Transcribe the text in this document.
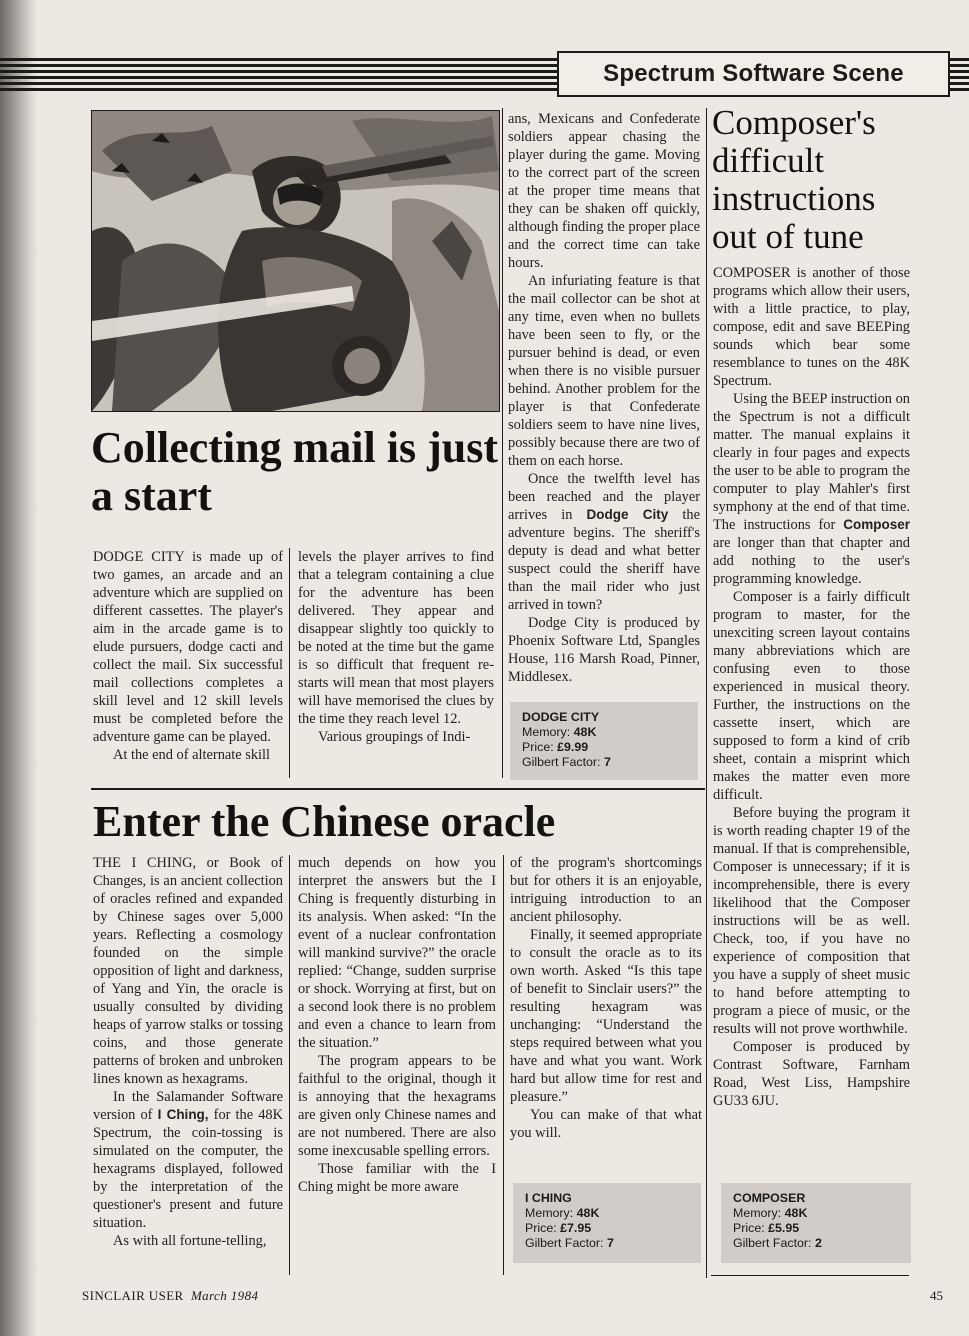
Spectrum Software Scene
Collecting mail is just a start

DODGE CITY is made up of two games, an arcade and an adventure which are supplied on different cassettes. The player's aim in the arcade game is to elude pursuers, dodge cacti and collect the mail. Six successful mail collections completes a skill level and 12 skill levels must be completed before the adventure game can be played.

At the end of alternate skill

levels the player arrives to find that a telegram containing a clue for the adventure has been delivered. They appear and disappear slightly too quickly to be noted at the time but the game is so difficult that frequent re-starts will mean that most players will have memorised the clues by the time they reach level 12.

Various groupings of Indi-

ans, Mexicans and Confederate soldiers appear chasing the player during the game. Moving to the correct part of the screen at the proper time means that they can be shaken off quickly, although finding the proper place and the correct time can take hours.

An infuriating feature is that the mail collector can be shot at any time, even when no bullets have been seen to fly, or the pursuer behind is dead, or even when there is no visible pursuer behind. Another problem for the player is that Confederate soldiers seem to have nine lives, possibly because there are two of them on each horse.

Once the twelfth level has been reached and the player arrives in Dodge City the adventure begins. The sheriff's deputy is dead and what better suspect could the sheriff have than the mail rider who just arrived in town?

Dodge City is produced by Phoenix Software Ltd, Spangles House, 116 Marsh Road, Pinner, Middlesex.

DODGE CITY
Memory: 48K
Price: £9.99
Gilbert Factor: 7
Composer's difficult instructions out of tune

COMPOSER is another of those programs which allow their users, with a little practice, to play, compose, edit and save BEEPing sounds which bear some resemblance to tunes on the 48K Spectrum.

Using the BEEP instruction on the Spectrum is not a difficult matter. The manual explains it clearly in four pages and expects the user to be able to program the computer to play Mahler's first symphony at the end of that time. The instructions for Composer are longer than that chapter and add nothing to the user's programming knowledge.

Composer is a fairly difficult program to master, for the unexciting screen layout contains many abbreviations which are confusing even to those experienced in musical theory. Further, the instructions on the cassette insert, which are supposed to form a kind of crib sheet, contain a misprint which makes the matter even more difficult.

Before buying the program it is worth reading chapter 19 of the manual. If that is comprehensible, Composer is unnecessary; if it is incomprehensible, there is every likelihood that the Composer instructions will be as well. Check, too, if you have no experience of composition that you have a supply of sheet music to hand before attempting to program a piece of music, or the results will not prove worthwhile.

Composer is produced by Contrast Software, Farnham Road, West Liss, Hampshire GU33 6JU.

COMPOSER
Memory: 48K
Price: £5.95
Gilbert Factor: 2
Enter the Chinese oracle

THE I CHING, or Book of Changes, is an ancient collection of oracles refined and expanded by Chinese sages over 5,000 years. Reflecting a cosmology founded on the simple opposition of light and darkness, of Yang and Yin, the oracle is usually consulted by dividing heaps of yarrow stalks or tossing coins, and those generate patterns of broken and unbroken lines known as hexagrams.

In the Salamander Software version of I Ching, for the 48K Spectrum, the coin-tossing is simulated on the computer, the hexagrams displayed, followed by the interpretation of the questioner's present and future situation.

As with all fortune-telling,

much depends on how you interpret the answers but the I Ching is frequently disturbing in its analysis. When asked: “In the event of a nuclear confrontation will mankind survive?” the oracle replied: “Change, sudden surprise or shock. Worrying at first, but on a second look there is no problem and even a chance to learn from the situation.”

The program appears to be faithful to the original, though it is annoying that the hexagrams are given only Chinese names and are not numbered. There are also some inexcusable spelling errors.

Those familiar with the I Ching might be more aware

of the program's shortcomings but for others it is an enjoyable, intriguing introduction to an ancient philosophy.

Finally, it seemed appropriate to consult the oracle as to its own worth. Asked “Is this tape of benefit to Sinclair users?” the resulting hexagram was unchanging: “Understand the steps required between what you have and what you want. Work hard but allow time for rest and pleasure.”

You can make of that what you will.

I CHING
Memory: 48K
Price: £7.95
Gilbert Factor: 7
SINCLAIR USER March 1984	45
